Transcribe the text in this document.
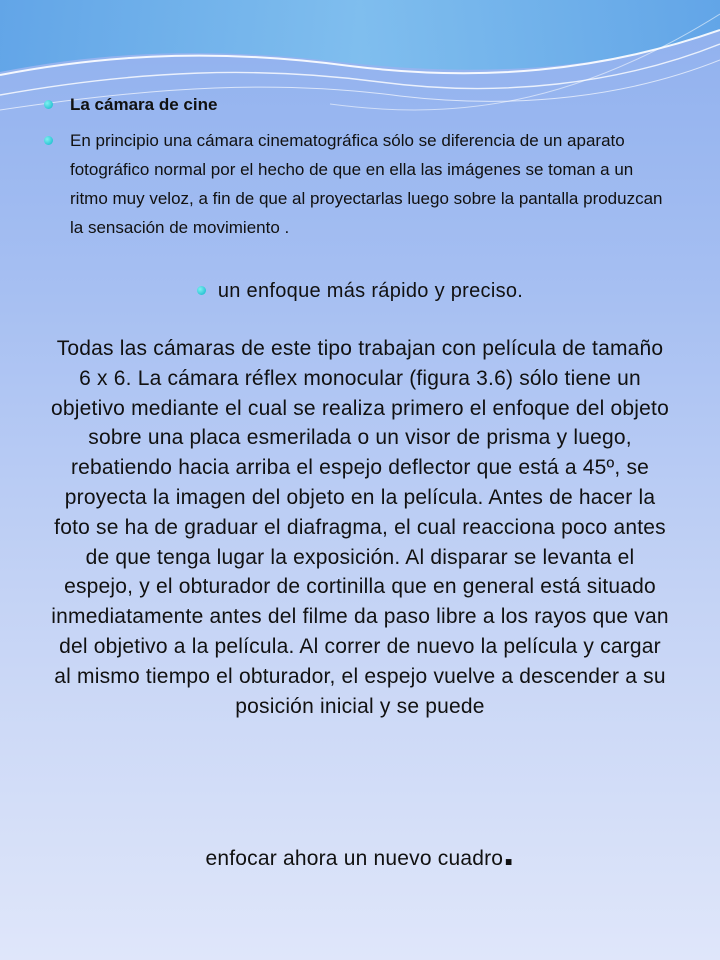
La cámara de cine
En principio una cámara cinematográfica sólo se diferencia de un aparato fotográfico normal por el hecho de que en ella las imágenes se toman a un ritmo muy veloz, a fin de que al proyectarlas luego sobre la pantalla produzcan la sensación de movimiento .
un enfoque más rápido y preciso.
Todas las cámaras de este tipo trabajan con película de tamaño 6 x 6. La cámara réflex monocular (figura 3.6) sólo tiene un objetivo mediante el cual se realiza primero el enfoque del objeto sobre una placa esmerilada o un visor de prisma y luego, rebatiendo hacia arriba el espejo deflector que está a 45º, se proyecta la imagen del objeto en la película. Antes de hacer la foto se ha de graduar el diafragma, el cual reacciona poco antes de que tenga lugar la exposición. Al disparar se levanta el espejo, y el obturador de cortinilla que en general está situado inmediatamente antes del filme da paso libre a los rayos que van del objetivo a la película. Al correr de nuevo la película y cargar al mismo tiempo el obturador, el espejo vuelve a descender a su posición inicial y se puede
enfocar ahora un nuevo cuadro.
